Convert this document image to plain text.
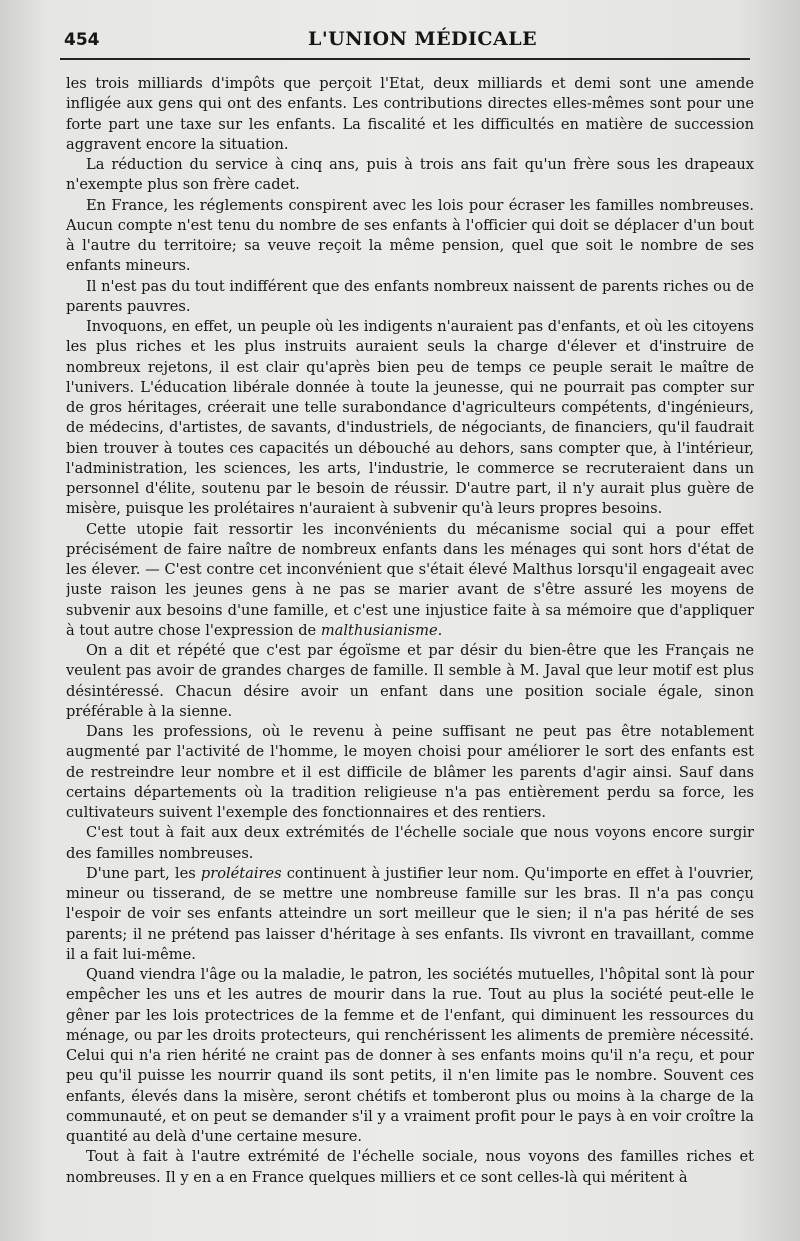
454	L'UNION MÉDICALE

les trois milliards d'impôts que perçoit l'Etat, deux milliards et demi sont une amende infligée aux gens qui ont des enfants. Les contributions directes elles-mêmes sont pour une forte part une taxe sur les enfants. La fiscalité et les difficultés en matière de succession aggravent encore la situation.

La réduction du service à cinq ans, puis à trois ans fait qu'un frère sous les drapeaux n'exempte plus son frère cadet.

En France, les réglements conspirent avec les lois pour écraser les familles nombreuses. Aucun compte n'est tenu du nombre de ses enfants à l'officier qui doit se déplacer d'un bout à l'autre du territoire; sa veuve reçoit la même pension, quel que soit le nombre de ses enfants mineurs.

Il n'est pas du tout indifférent que des enfants nombreux naissent de parents riches ou de parents pauvres.

Invoquons, en effet, un peuple où les indigents n'auraient pas d'enfants, et où les citoyens les plus riches et les plus instruits auraient seuls la charge d'élever et d'instruire de nombreux rejetons, il est clair qu'après bien peu de temps ce peuple serait le maître de l'univers. L'éducation libérale donnée à toute la jeunesse, qui ne pourrait pas compter sur de gros héritages, créerait une telle surabondance d'agriculteurs compétents, d'ingénieurs, de médecins, d'artistes, de savants, d'industriels, de négociants, de financiers, qu'il faudrait bien trouver à toutes ces capacités un débouché au dehors, sans compter que, à l'intérieur, l'administration, les sciences, les arts, l'industrie, le commerce se recruteraient dans un personnel d'élite, soutenu par le besoin de réussir. D'autre part, il n'y aurait plus guère de misère, puisque les prolétaires n'auraient à subvenir qu'à leurs propres besoins.

Cette utopie fait ressortir les inconvénients du mécanisme social qui a pour effet précisément de faire naître de nombreux enfants dans les ménages qui sont hors d'état de les élever. — C'est contre cet inconvénient que s'était élevé Malthus lorsqu'il engageait avec juste raison les jeunes gens à ne pas se marier avant de s'être assuré les moyens de subvenir aux besoins d'une famille, et c'est une injustice faite à sa mémoire que d'appliquer à tout autre chose l'expression de malthusianisme.

On a dit et répété que c'est par égoïsme et par désir du bien-être que les Français ne veulent pas avoir de grandes charges de famille. Il semble à M. Javal que leur motif est plus désintéressé. Chacun désire avoir un enfant dans une position sociale égale, sinon préférable à la sienne.

Dans les professions, où le revenu à peine suffisant ne peut pas être notablement augmenté par l'activité de l'homme, le moyen choisi pour améliorer le sort des enfants est de restreindre leur nombre et il est difficile de blâmer les parents d'agir ainsi. Sauf dans certains départements où la tradition religieuse n'a pas entièrement perdu sa force, les cultivateurs suivent l'exemple des fonctionnaires et des rentiers.

C'est tout à fait aux deux extrémités de l'échelle sociale que nous voyons encore surgir des familles nombreuses.

D'une part, les prolétaires continuent à justifier leur nom. Qu'importe en effet à l'ouvrier, mineur ou tisserand, de se mettre une nombreuse famille sur les bras. Il n'a pas conçu l'espoir de voir ses enfants atteindre un sort meilleur que le sien; il n'a pas hérité de ses parents; il ne prétend pas laisser d'héritage à ses enfants. Ils vivront en travaillant, comme il a fait lui-même.

Quand viendra l'âge ou la maladie, le patron, les sociétés mutuelles, l'hôpital sont là pour empêcher les uns et les autres de mourir dans la rue. Tout au plus la société peut-elle le gêner par les lois protectrices de la femme et de l'enfant, qui diminuent les ressources du ménage, ou par les droits protecteurs, qui renchérissent les aliments de première nécessité. Celui qui n'a rien hérité ne craint pas de donner à ses enfants moins qu'il n'a reçu, et pour peu qu'il puisse les nourrir quand ils sont petits, il n'en limite pas le nombre. Souvent ces enfants, élevés dans la misère, seront chétifs et tomberont plus ou moins à la charge de la communauté, et on peut se demander s'il y a vraiment profit pour le pays à en voir croître la quantité au delà d'une certaine mesure.

Tout à fait à l'autre extrémité de l'échelle sociale, nous voyons des familles riches et nombreuses. Il y en a en France quelques milliers et ce sont celles-là qui méritent à
